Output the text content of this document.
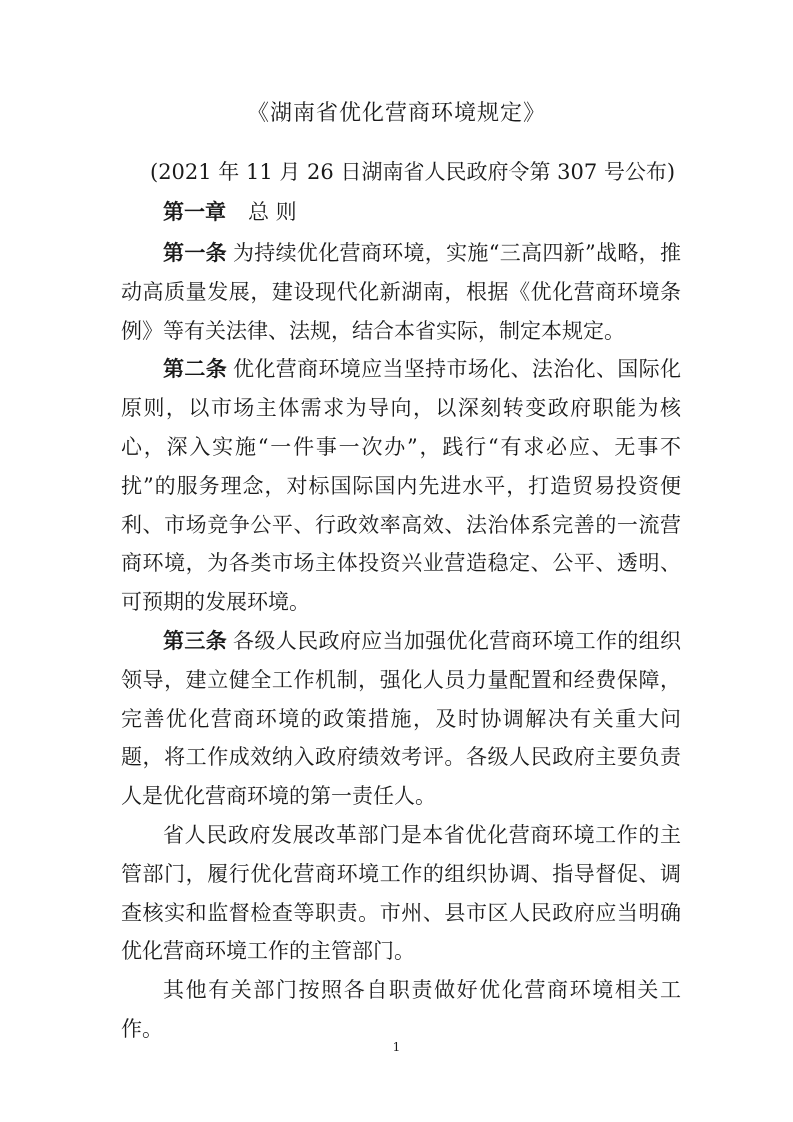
《湖南省优化营商环境规定》
(2021 年 11 月 26 日湖南省人民政府令第 307 号公布)
第一章 总 则

第一条 为持续优化营商环境，实施“三高四新”战略，推动高质量发展，建设现代化新湖南，根据《优化营商环境条例》等有关法律、法规，结合本省实际，制定本规定。

第二条 优化营商环境应当坚持市场化、法治化、国际化原则，以市场主体需求为导向，以深刻转变政府职能为核心，深入实施“一件事一次办”，践行“有求必应、无事不扰”的服务理念，对标国际国内先进水平，打造贸易投资便利、市场竞争公平、行政效率高效、法治体系完善的一流营商环境，为各类市场主体投资兴业营造稳定、公平、透明、可预期的发展环境。

第三条 各级人民政府应当加强优化营商环境工作的组织领导，建立健全工作机制，强化人员力量配置和经费保障，完善优化营商环境的政策措施，及时协调解决有关重大问题，将工作成效纳入政府绩效考评。各级人民政府主要负责人是优化营商环境的第一责任人。

省人民政府发展改革部门是本省优化营商环境工作的主管部门，履行优化营商环境工作的组织协调、指导督促、调查核实和监督检查等职责。市州、县市区人民政府应当明确优化营商环境工作的主管部门。

其他有关部门按照各自职责做好优化营商环境相关工作。

1
